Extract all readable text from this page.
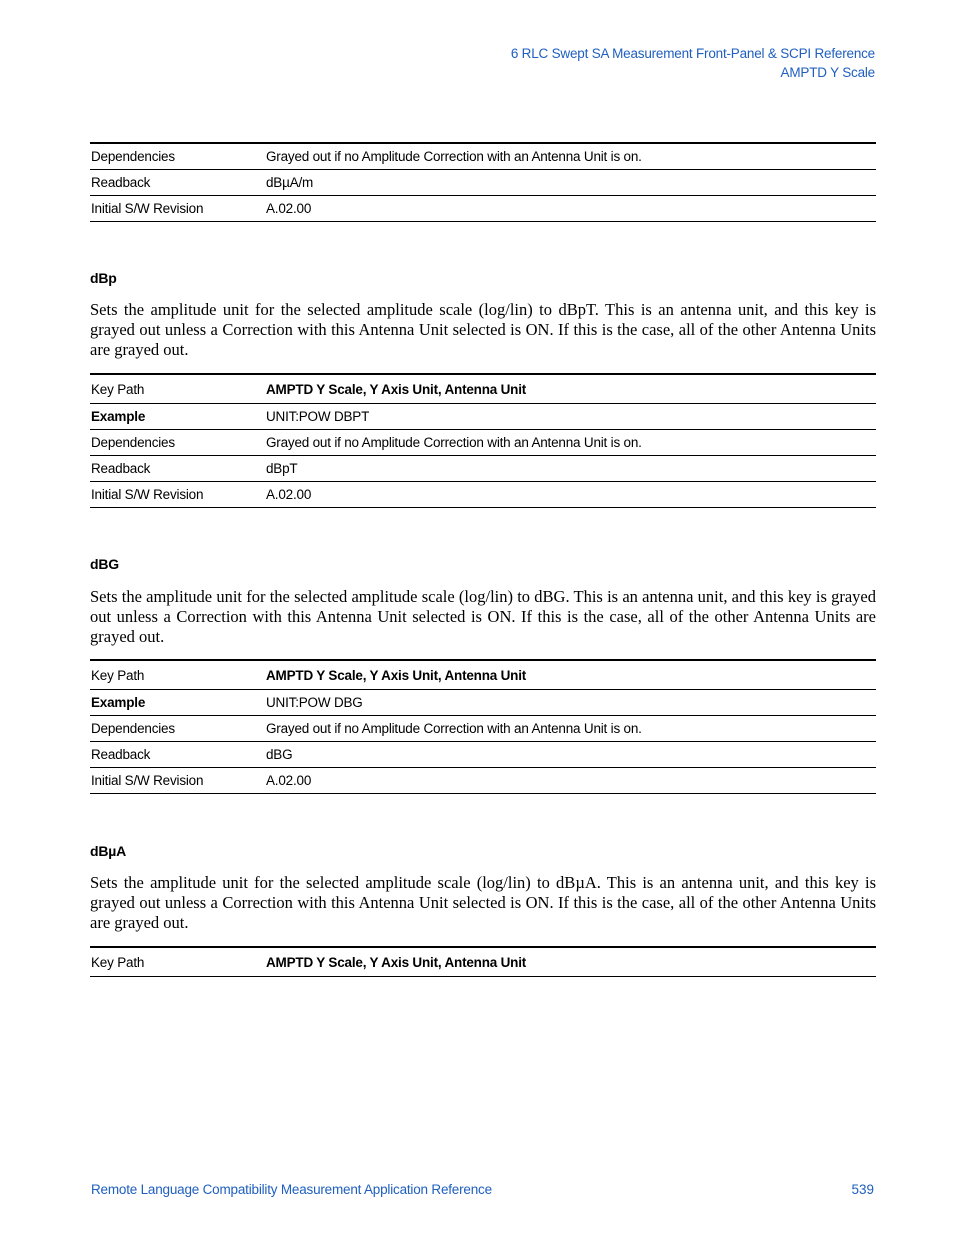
6 RLC Swept SA Measurement Front-Panel & SCPI Reference
AMPTD Y Scale
Dependencies	Grayed out if no Amplitude Correction with an Antenna Unit is on.
Readback	dBµA/m
Initial S/W Revision	A.02.00
dBp
Sets the amplitude unit for the selected amplitude scale (log/lin) to dBpT. This is an antenna unit, and this key is grayed out unless a Correction with this Antenna Unit selected is ON. If this is the case, all of the other Antenna Units are grayed out.
Key Path	AMPTD Y Scale, Y Axis Unit, Antenna Unit
Example	UNIT:POW DBPT
Dependencies	Grayed out if no Amplitude Correction with an Antenna Unit is on.
Readback	dBpT
Initial S/W Revision	A.02.00
dBG
Sets the amplitude unit for the selected amplitude scale (log/lin) to dBG. This is an antenna unit, and this key is grayed out unless a Correction with this Antenna Unit selected is ON. If this is the case, all of the other Antenna Units are grayed out.
Key Path	AMPTD Y Scale, Y Axis Unit, Antenna Unit
Example	UNIT:POW DBG
Dependencies	Grayed out if no Amplitude Correction with an Antenna Unit is on.
Readback	dBG
Initial S/W Revision	A.02.00
dBµA
Sets the amplitude unit for the selected amplitude scale (log/lin) to dBµA. This is an antenna unit, and this key is grayed out unless a Correction with this Antenna Unit selected is ON. If this is the case, all of the other Antenna Units are grayed out.
Key Path	AMPTD Y Scale, Y Axis Unit, Antenna Unit
Remote Language Compatibility Measurement Application Reference	539
